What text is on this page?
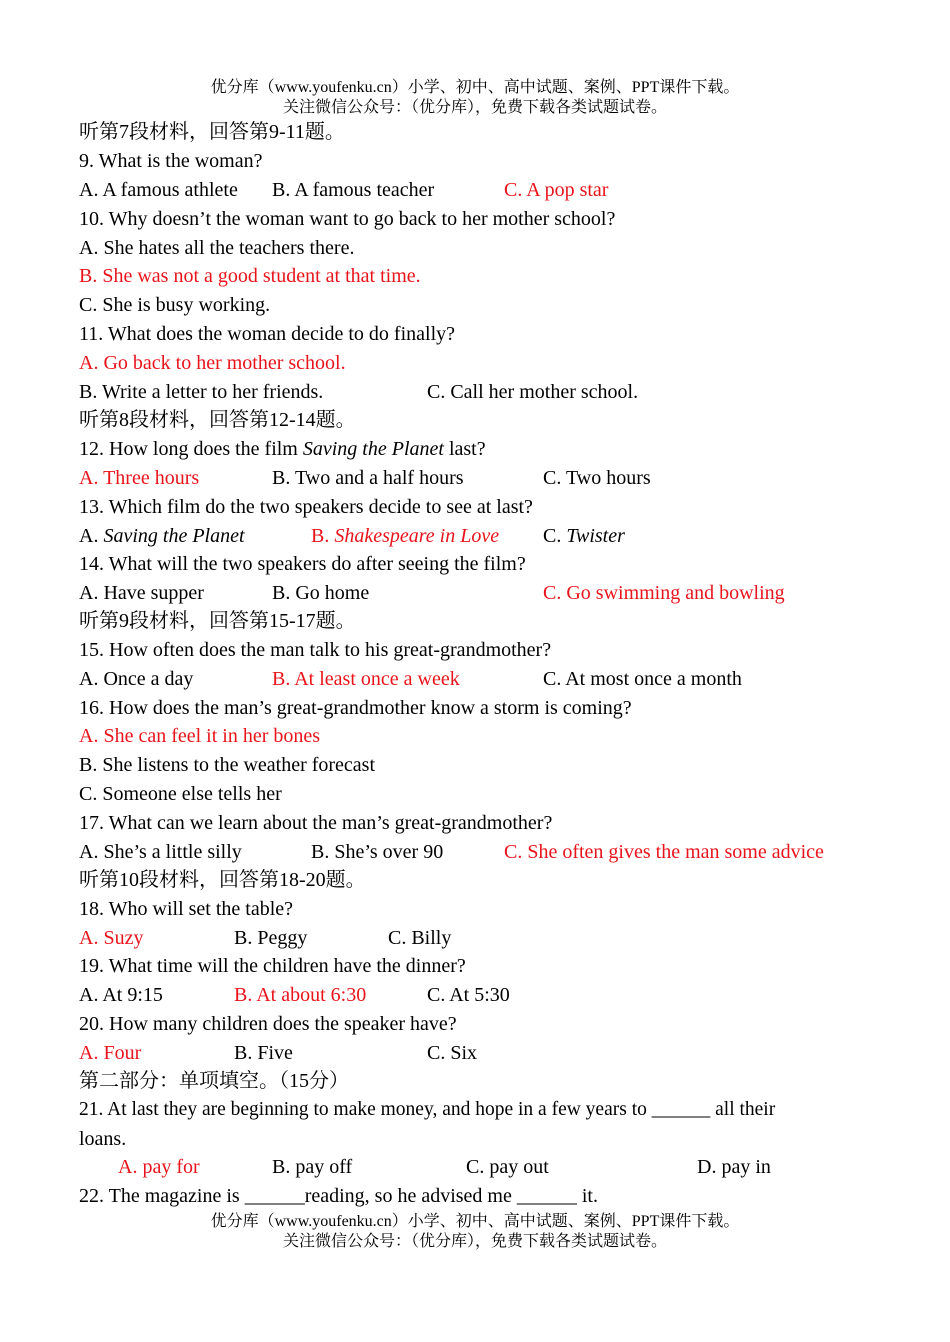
优分库（www.youfenku.cn）小学、初中、高中试题、案例、PPT课件下载。
关注微信公众号：（优分库），免费下载各类试题试卷。
听第7段材料，回答第9-11题。
9. What is the woman?
A. A famous athlete B. A famous teacher	C. A pop star
10. Why doesn’t the woman want to go back to her mother school?
A. She hates all the teachers there.
B. She was not a good student at that time.
C. She is busy working.
11. What does the woman decide to do finally?
A. Go back to her mother school.
B. Write a letter to her friends.	C. Call her mother school.
听第8段材料，回答第12-14题。
12. How long does the film Saving the Planet last?
A. Three hours	B. Two and a half hours	C. Two hours
13. Which film do the two speakers decide to see at last?
A. Saving the Planet	B. Shakespeare in Love C. Twister
14. What will the two speakers do after seeing the film?
A. Have supper	B. Go home	C. Go swimming and bowling
听第9段材料，回答第15-17题。
15. How often does the man talk to his great-grandmother?
A. Once a day	B. At least once a week	C. At most once a month
16. How does the man’s great-grandmother know a storm is coming?
A. She can feel it in her bones
B. She listens to the weather forecast
C. Someone else tells her
17. What can we learn about the man’s great-grandmother?
A. She’s a little silly	B. She’s over 90	C. She often gives the man some advice
听第10段材料，回答第18-20题。
18. Who will set the table?
A. Suzy	B. Peggy	C. Billy
19. What time will the children have the dinner?
A. At 9:15	B. At about 6:30	C. At 5:30
20. How many children does the speaker have?
A. Four	B. Five	C. Six
第二部分：单项填空。（15分）
21. At last they are beginning to make money, and hope in a few years to ______ all their
loans.
A. pay for	B. pay off	C. pay out	D. pay in
22. The magazine is ______reading, so he advised me ______ it.
优分库（www.youfenku.cn）小学、初中、高中试题、案例、PPT课件下载。
关注微信公众号：（优分库），免费下载各类试题试卷。
